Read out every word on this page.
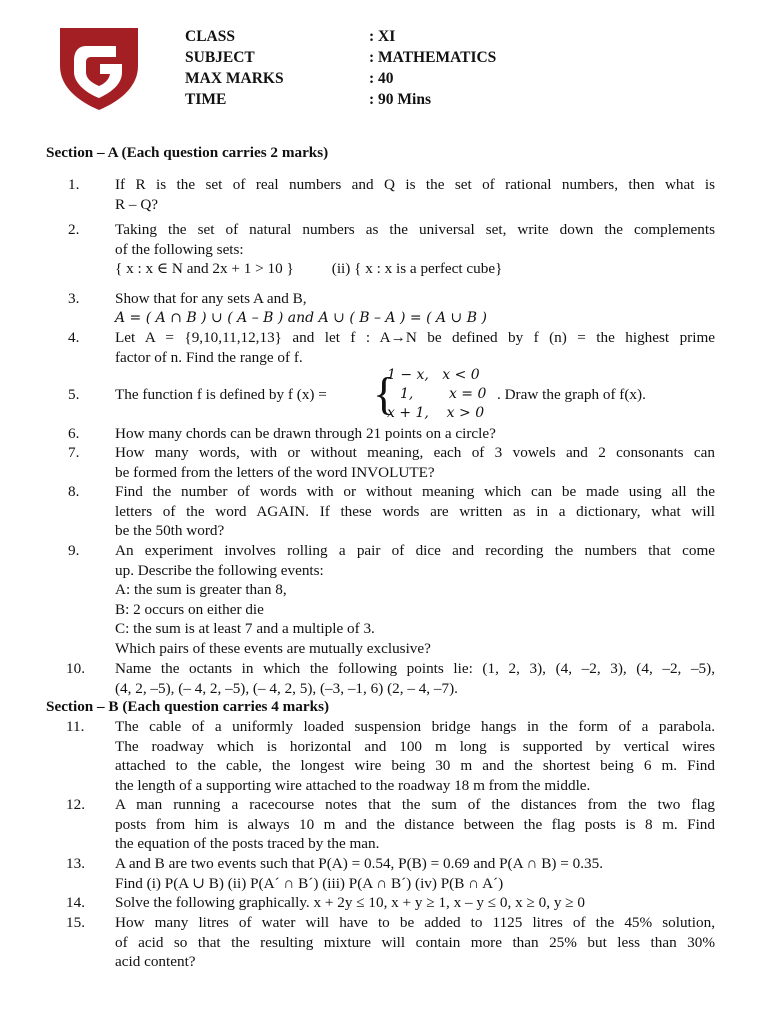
CLASS	: XI
SUBJECT	: MATHEMATICS
MAX MARKS	: 40
TIME	: 90 Mins
Section – A (Each question carries 2 marks)
1.	If R is the set of real numbers and Q is the set of rational numbers, then what is
R – Q?
2.	Taking the set of natural numbers as the universal set, write down the complements
of the following sets:
{ x : x ∈ N and 2x + 1 > 10 }          (ii) { x : x is a perfect cube}
3.	Show that for any sets A and B,
A = ( A ∩ B ) ∪ ( A – B ) and A ∪ ( B – A ) = ( A ∪ B )
4.	Let A = {9,10,11,12,13} and let f : A→N be defined by f (n) = the highest prime
factor of n. Find the range of f.
5.	The function f is defined by f (x) = {
1 − x,   x < 0
1,        x = 0
x + 1,    x > 0
. Draw the graph of f(x).
6.	How many chords can be drawn through 21 points on a circle?
7.	How many words, with or without meaning, each of 3 vowels and 2 consonants can
be formed from the letters of the word INVOLUTE?
8.	Find the number of words with or without meaning which can be made using all the
letters of the word AGAIN. If these words are written as in a dictionary, what will
be the 50th word?
9.	An experiment involves rolling a pair of dice and recording the numbers that come
up. Describe the following events:
A: the sum is greater than 8,
B: 2 occurs on either die
C: the sum is at least 7 and a multiple of 3.
Which pairs of these events are mutually exclusive?
10. Name the octants in which the following points lie: (1, 2, 3), (4, –2, 3), (4, –2, –5),
(4, 2, –5), (– 4, 2, –5), (– 4, 2, 5), (–3, –1, 6) (2, – 4, –7).
Section – B (Each question carries 4 marks)
11. The cable of a uniformly loaded suspension bridge hangs in the form of a parabola.
The roadway which is horizontal and 100 m long is supported by vertical wires
attached to the cable, the longest wire being 30 m and the shortest being 6 m. Find
the length of a supporting wire attached to the roadway 18 m from the middle.
12. A man running a racecourse notes that the sum of the distances from the two flag
posts from him is always 10 m and the distance between the flag posts is 8 m. Find
the equation of the posts traced by the man.
13. A and B are two events such that P(A) = 0.54, P(B) = 0.69 and P(A ∩ B) = 0.35.
Find (i) P(A ∪ B) (ii) P(A´ ∩ B´) (iii) P(A ∩ B´) (iv) P(B ∩ A´)
14. Solve the following graphically. x + 2y ≤ 10, x + y ≥ 1, x – y ≤ 0, x ≥ 0, y ≥ 0
15. How many litres of water will have to be added to 1125 litres of the 45% solution,
of acid so that the resulting mixture will contain more than 25% but less than 30%
acid content?
